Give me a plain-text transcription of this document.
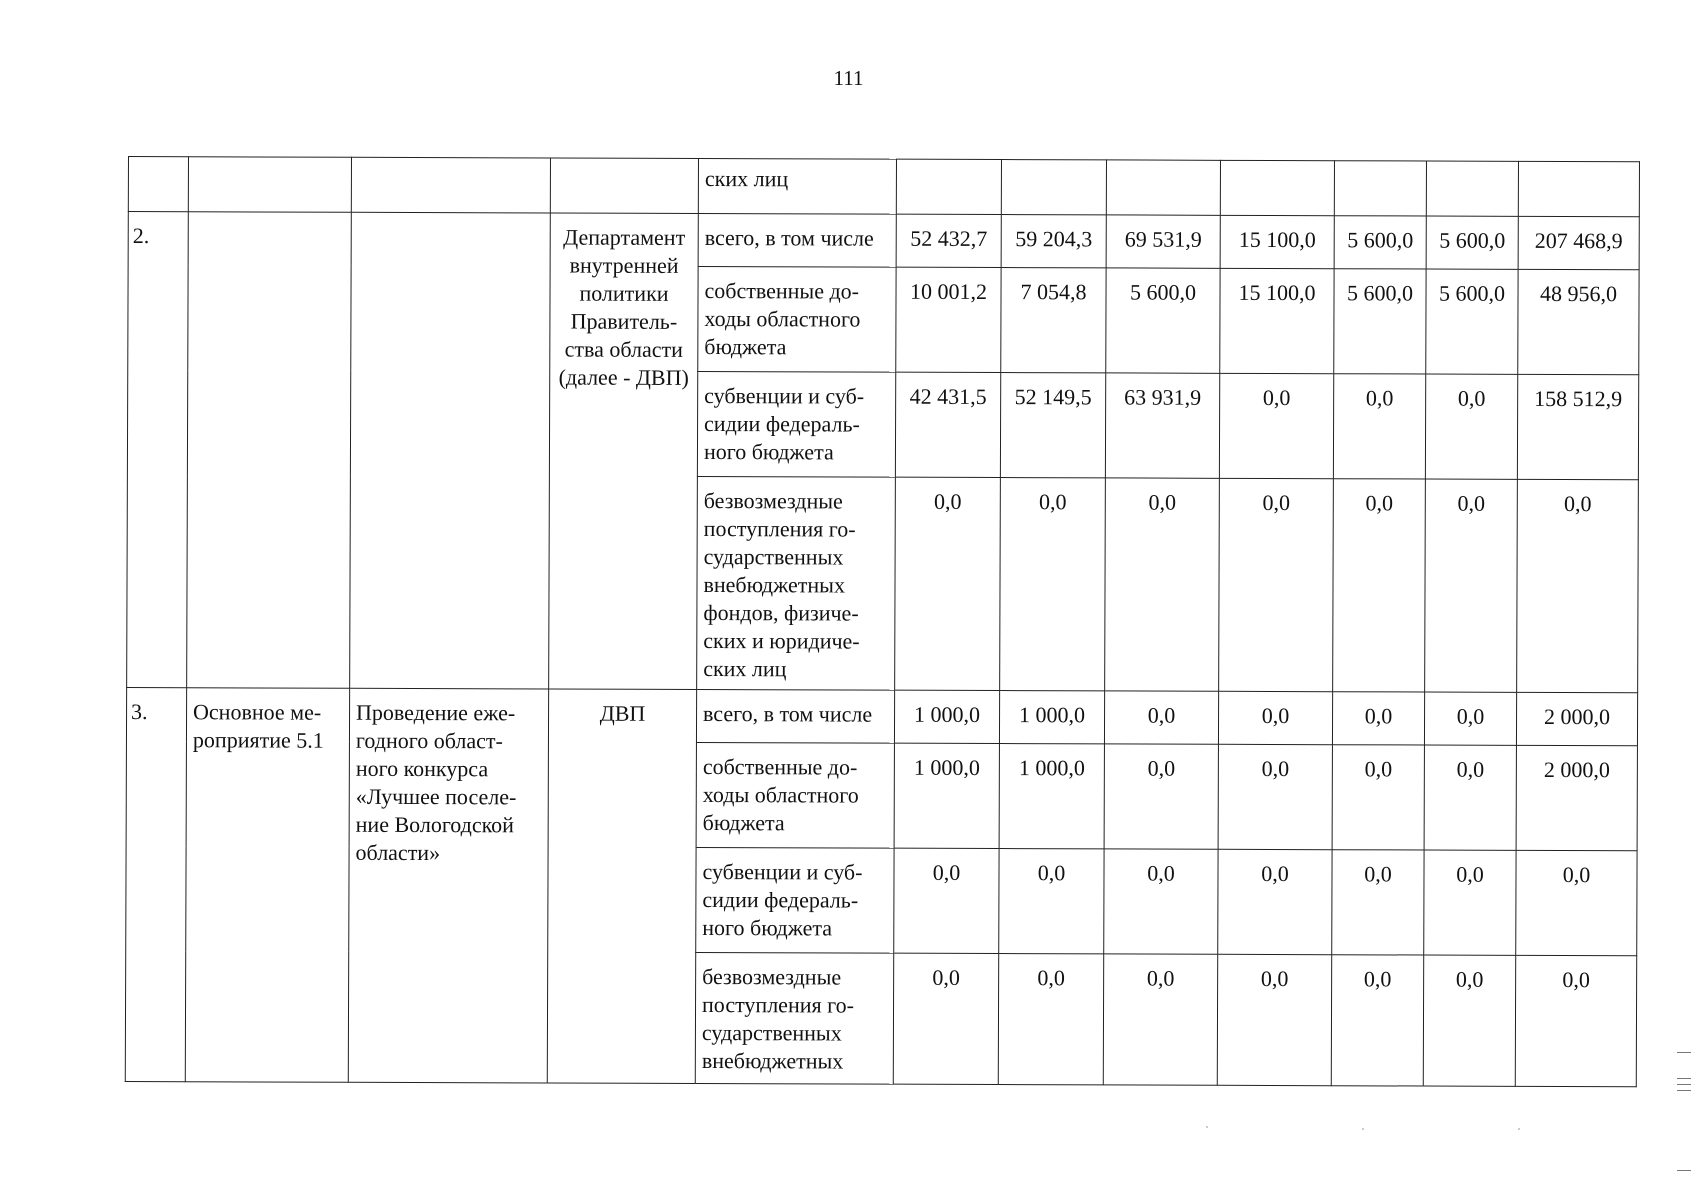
111
				ских лиц							
2.			Департамент внутренней политики Правитель-ства области (далее - ДВП)	всего, в том числе	52 432,7	59 204,3	69 531,9	15 100,0	5 600,0	5 600,0	207 468,9
				собственные до-ходы областного бюджета	10 001,2	7 054,8	5 600,0	15 100,0	5 600,0	5 600,0	48 956,0
				субвенции и суб-сидии федераль-ного бюджета	42 431,5	52 149,5	63 931,9	0,0	0,0	0,0	158 512,9
				безвозмездные поступления го-сударственных внебюджетных фондов, физиче-ских и юридиче-ских лиц	0,0	0,0	0,0	0,0	0,0	0,0	0,0
3.	Основное ме-роприятие 5.1	Проведение еже-годного област-ного конкурса «Лучшее поселе-ние Вологодской области»	ДВП	всего, в том числе	1 000,0	1 000,0	0,0	0,0	0,0	0,0	2 000,0
				собственные до-ходы областного бюджета	1 000,0	1 000,0	0,0	0,0	0,0	0,0	2 000,0
				субвенции и суб-сидии федераль-ного бюджета	0,0	0,0	0,0	0,0	0,0	0,0	0,0
				безвозмездные поступления го-сударственных внебюджетных	0,0	0,0	0,0	0,0	0,0	0,0	0,0
